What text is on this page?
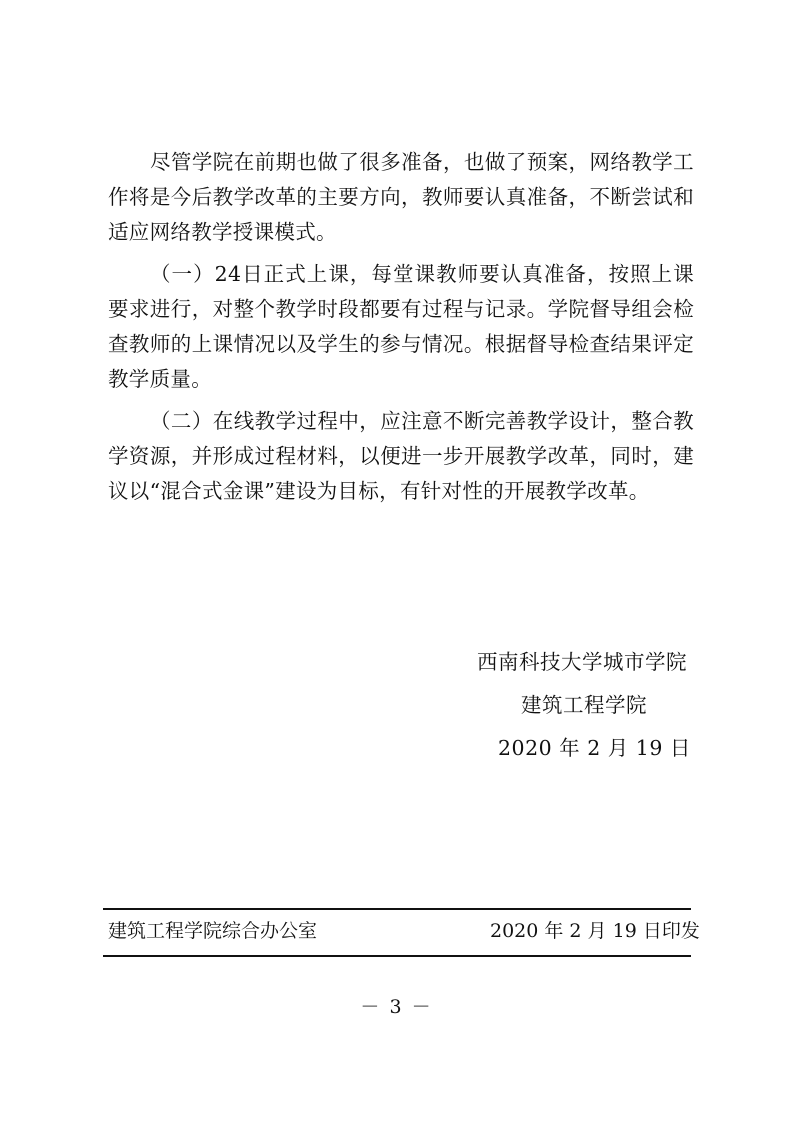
尽管学院在前期也做了很多准备，也做了预案，网络教学工作将是今后教学改革的主要方向，教师要认真准备，不断尝试和适应网络教学授课模式。

（一）24日正式上课，每堂课教师要认真准备，按照上课要求进行，对整个教学时段都要有过程与记录。学院督导组会检查教师的上课情况以及学生的参与情况。根据督导检查结果评定教学质量。

（二）在线教学过程中，应注意不断完善教学设计，整合教学资源，并形成过程材料，以便进一步开展教学改革，同时，建议以“混合式金课”建设为目标，有针对性的开展教学改革。

西南科技大学城市学院
建筑工程学院
2020 年 2 月 19 日
建筑工程学院综合办公室	2020 年 2 月 19 日印发
－ 3 －
